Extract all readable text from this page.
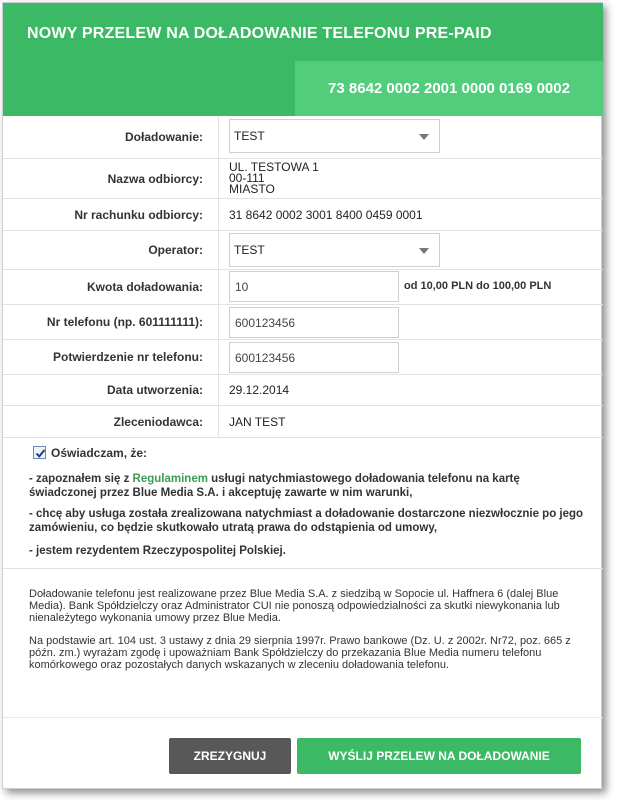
NOWY PRZELEW NA DOŁADOWANIE TELEFONU PRE-PAID
73 8642 0002 2001 0000 0169 0002
Doładowanie:	TEST
Nazwa odbiorcy:
UL. TESTOWA 1
00-111
MIASTO
Nr rachunku odbiorcy:	31 8642 0002 3001 8400 0459 0001
Operator:	TEST
Kwota doładowania:	10	od 10,00 PLN do 100,00 PLN
Nr telefonu (np. 601111111):	600123456
Potwierdzenie nr telefonu:	600123456
Data utworzenia:	29.12.2014
Zleceniodawca:	JAN TEST
Oświadczam, że:
- zapoznałem się z Regulaminem usługi natychmiastowego doładowania telefonu na kartę świadczonej przez Blue Media S.A. i akceptuję zawarte w nim warunki,
- chcę aby usługa została zrealizowana natychmiast a doładowanie dostarczone niezwłocznie po jego zamówieniu, co będzie skutkowało utratą prawa do odstąpienia od umowy,
- jestem rezydentem Rzeczypospolitej Polskiej.
Doładowanie telefonu jest realizowane przez Blue Media S.A. z siedzibą w Sopocie ul. Haffnera 6 (dalej Blue Media). Bank Spółdzielczy oraz Administrator CUI nie ponoszą odpowiedzialności za skutki niewykonania lub nienależytego wykonania umowy przez Blue Media.
Na podstawie art. 104 ust. 3 ustawy z dnia 29 sierpnia 1997r. Prawo bankowe (Dz. U. z 2002r. Nr72, poz. 665 z późn. zm.) wyrażam zgodę i upoważniam Bank Spółdzielczy do przekazania Blue Media numeru telefonu komórkowego oraz pozostałych danych wskazanych w zleceniu doładowania telefonu.
ZREZYGNUJ	WYŚLIJ PRZELEW NA DOŁADOWANIE
